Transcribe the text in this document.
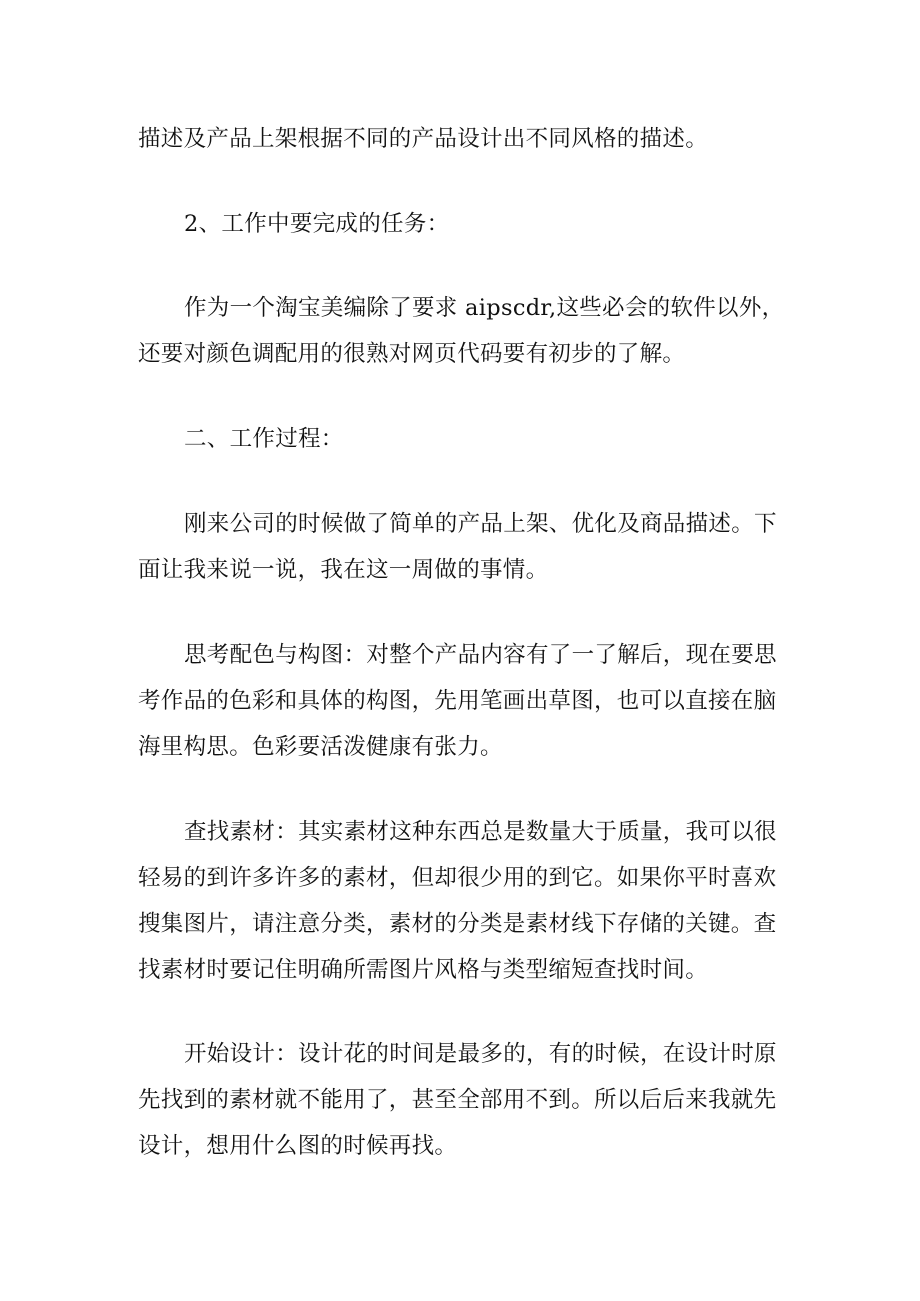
描述及产品上架根据不同的产品设计出不同风格的描述。

2、工作中要完成的任务：

作为一个淘宝美编除了要求 aipscdr,这些必会的软件以外，还要对颜色调配用的很熟对网页代码要有初步的了解。

二、工作过程：

刚来公司的时候做了简单的产品上架、优化及商品描述。下面让我来说一说，我在这一周做的事情。

思考配色与构图：对整个产品内容有了一了解后，现在要思考作品的色彩和具体的构图，先用笔画出草图，也可以直接在脑海里构思。色彩要活泼健康有张力。

查找素材：其实素材这种东西总是数量大于质量，我可以很轻易的到许多许多的素材，但却很少用的到它。如果你平时喜欢搜集图片，请注意分类，素材的分类是素材线下存储的关键。查找素材时要记住明确所需图片风格与类型缩短查找时间。

开始设计：设计花的时间是最多的，有的时候，在设计时原先找到的素材就不能用了，甚至全部用不到。所以后后来我就先设计，想用什么图的时候再找。
